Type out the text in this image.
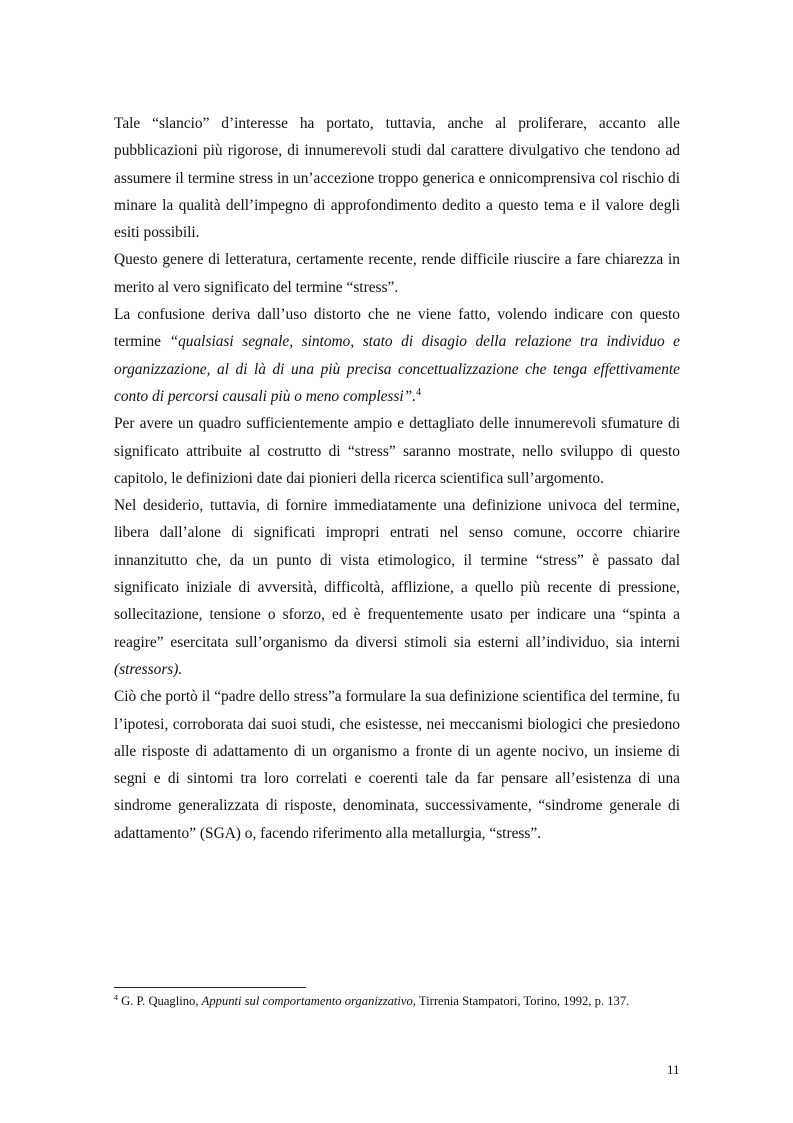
Tale “slancio” d’interesse ha portato, tuttavia, anche al proliferare, accanto alle pubblicazioni più rigorose, di innumerevoli studi dal carattere divulgativo che tendono ad assumere il termine stress in un’accezione troppo generica e onnicomprensiva col rischio di minare la qualità dell’impegno di approfondimento dedito a questo tema e il valore degli esiti possibili.

Questo genere di letteratura, certamente recente, rende difficile riuscire a fare chiarezza in merito al vero significato del termine “stress”.

La confusione deriva dall’uso distorto che ne viene fatto, volendo indicare con questo termine “qualsiasi segnale, sintomo, stato di disagio della relazione tra individuo e organizzazione, al di là di una più precisa concettualizzazione che tenga effettivamente conto di percorsi causali più o meno complessi”.$^4$

Per avere un quadro sufficientemente ampio e dettagliato delle innumerevoli sfumature di significato attribuite al costrutto di “stress” saranno mostrate, nello sviluppo di questo capitolo, le definizioni date dai pionieri della ricerca scientifica sull’argomento.

Nel desiderio, tuttavia, di fornire immediatamente una definizione univoca del termine, libera dall’alone di significati impropri entrati nel senso comune, occorre chiarire innanzitutto che, da un punto di vista etimologico, il termine “stress” è passato dal significato iniziale di avversità, difficoltà, afflizione, a quello più recente di pressione, sollecitazione, tensione o sforzo, ed è frequentemente usato per indicare una “spinta a reagire” esercitata sull’organismo da diversi stimoli sia esterni all’individuo, sia interni (stressors).

Ciò che portò il “padre dello stress”a formulare la sua definizione scientifica del termine, fu l’ipotesi, corroborata dai suoi studi, che esistesse, nei meccanismi biologici che presiedono alle risposte di adattamento di un organismo a fronte di un agente nocivo, un insieme di segni e di sintomi tra loro correlati e coerenti tale da far pensare all’esistenza di una sindrome generalizzata di risposte, denominata, successivamente, “sindrome generale di adattamento” (SGA) o, facendo riferimento alla metallurgia, “stress”.

$^4$ G. P. Quaglino, Appunti sul comportamento organizzativo, Tirrenia Stampatori, Torino, 1992, p. 137.
11
